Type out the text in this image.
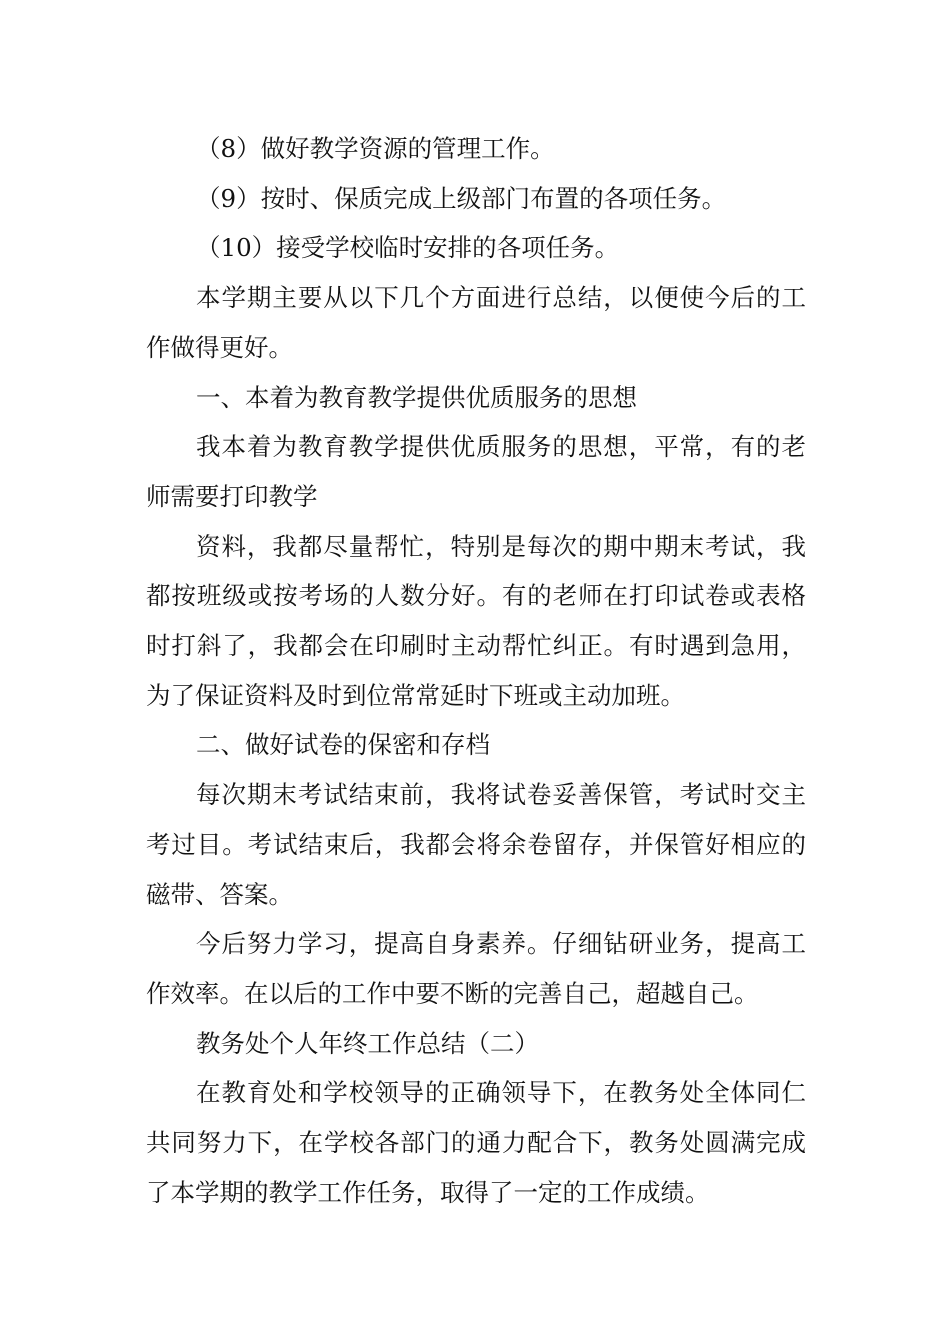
（8）做好教学资源的管理工作。

（9）按时、保质完成上级部门布置的各项任务。

（10）接受学校临时安排的各项任务。

本学期主要从以下几个方面进行总结，以便使今后的工作做得更好。

一、本着为教育教学提供优质服务的思想

我本着为教育教学提供优质服务的思想，平常，有的老师需要打印教学

资料，我都尽量帮忙，特别是每次的期中期末考试，我都按班级或按考场的人数分好。有的老师在打印试卷或表格时打斜了，我都会在印刷时主动帮忙纠正。有时遇到急用，为了保证资料及时到位常常延时下班或主动加班。

二、做好试卷的保密和存档

每次期末考试结束前，我将试卷妥善保管，考试时交主考过目。考试结束后，我都会将余卷留存，并保管好相应的磁带、答案。

今后努力学习，提高自身素养。仔细钻研业务，提高工作效率。在以后的工作中要不断的完善自己，超越自己。

教务处个人年终工作总结（二）

在教育处和学校领导的正确领导下，在教务处全体同仁共同努力下，在学校各部门的通力配合下，教务处圆满完成了本学期的教学工作任务，取得了一定的工作成绩。
